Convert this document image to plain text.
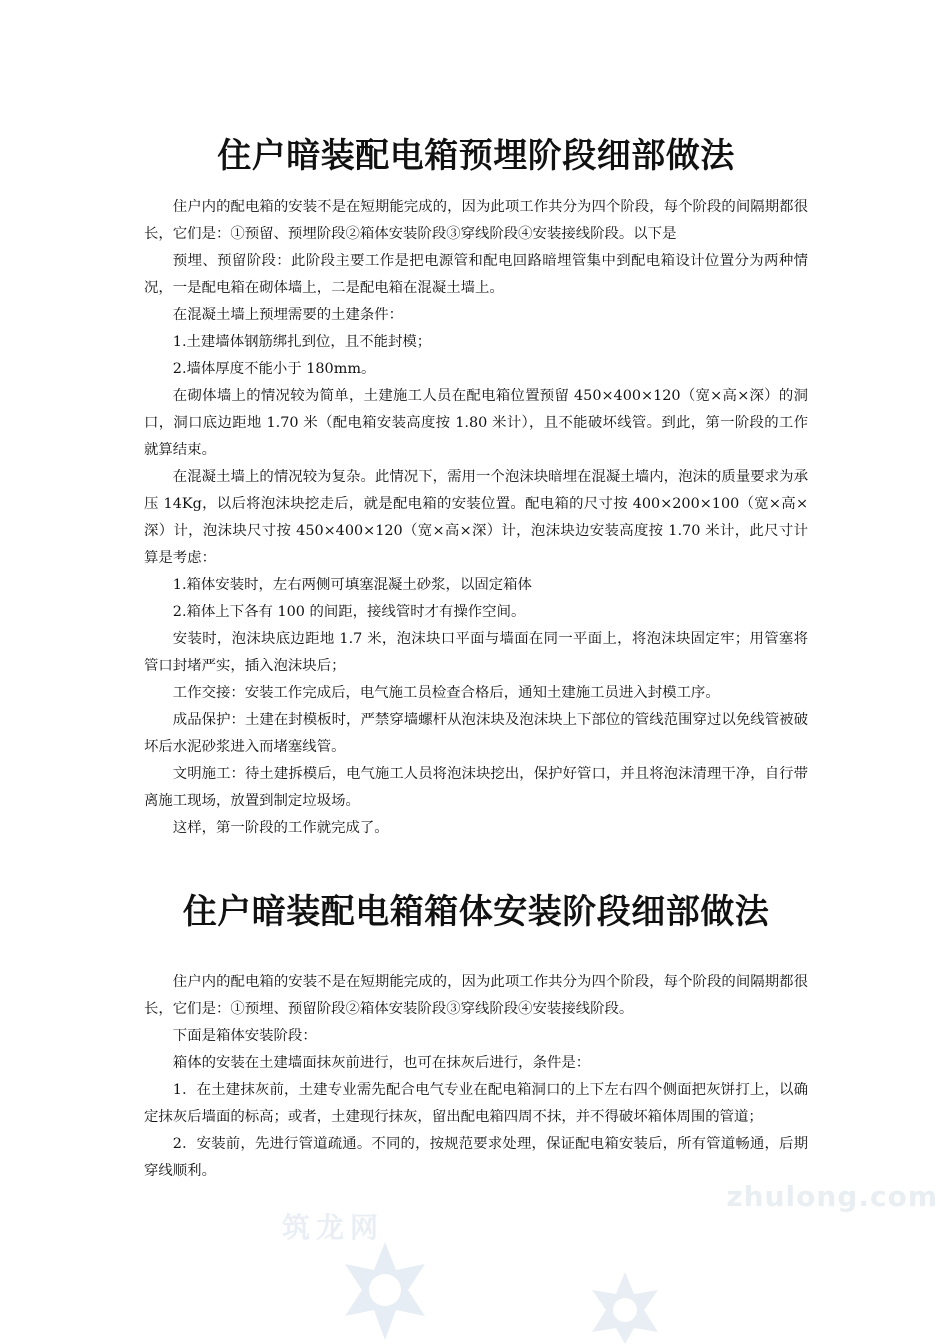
住户暗装配电箱预埋阶段细部做法

住户内的配电箱的安装不是在短期能完成的，因为此项工作共分为四个阶段，每个阶段的间隔期都很长，它们是：①预留、预埋阶段②箱体安装阶段③穿线阶段④安装接线阶段。以下是

预埋、预留阶段：此阶段主要工作是把电源管和配电回路暗埋管集中到配电箱设计位置分为两种情况，一是配电箱在砌体墙上，二是配电箱在混凝土墙上。

在混凝土墙上预埋需要的土建条件：

1.土建墙体钢筋绑扎到位，且不能封模；

2.墙体厚度不能小于 180mm。

在砌体墙上的情况较为简单，土建施工人员在配电箱位置预留 450×400×120（宽×高×深）的洞口，洞口底边距地 1.70 米（配电箱安装高度按 1.80 米计），且不能破坏线管。到此，第一阶段的工作就算结束。

在混凝土墙上的情况较为复杂。此情况下，需用一个泡沫块暗埋在混凝土墙内，泡沫的质量要求为承压 14Kg，以后将泡沫块挖走后，就是配电箱的安装位置。配电箱的尺寸按 400×200×100（宽×高×深）计，泡沫块尺寸按 450×400×120（宽×高×深）计，泡沫块边安装高度按 1.70 米计，此尺寸计算是考虑：

1.箱体安装时，左右两侧可填塞混凝土砂浆，以固定箱体

2.箱体上下各有 100 的间距，接线管时才有操作空间。

安装时，泡沫块底边距地 1.7 米，泡沫块口平面与墙面在同一平面上，将泡沫块固定牢；用管塞将管口封堵严实，插入泡沫块后；

工作交接：安装工作完成后，电气施工员检查合格后，通知土建施工员进入封模工序。

成品保护：土建在封模板时，严禁穿墙螺杆从泡沫块及泡沫块上下部位的管线范围穿过以免线管被破坏后水泥砂浆进入而堵塞线管。

文明施工：待土建拆模后，电气施工人员将泡沫块挖出，保护好管口，并且将泡沫清理干净，自行带离施工现场，放置到制定垃圾场。

这样，第一阶段的工作就完成了。

住户暗装配电箱箱体安装阶段细部做法

住户内的配电箱的安装不是在短期能完成的，因为此项工作共分为四个阶段，每个阶段的间隔期都很长，它们是：①预埋、预留阶段②箱体安装阶段③穿线阶段④安装接线阶段。

下面是箱体安装阶段：

箱体的安装在土建墙面抹灰前进行，也可在抹灰后进行，条件是：

1．在土建抹灰前，土建专业需先配合电气专业在配电箱洞口的上下左右四个侧面把灰饼打上，以确定抹灰后墙面的标高；或者，土建现行抹灰，留出配电箱四周不抹，并不得破坏箱体周围的管道；

2．安装前，先进行管道疏通。不同的，按规范要求处理，保证配电箱安装后，所有管道畅通，后期穿线顺利。

zhulong.com
筑龙网
